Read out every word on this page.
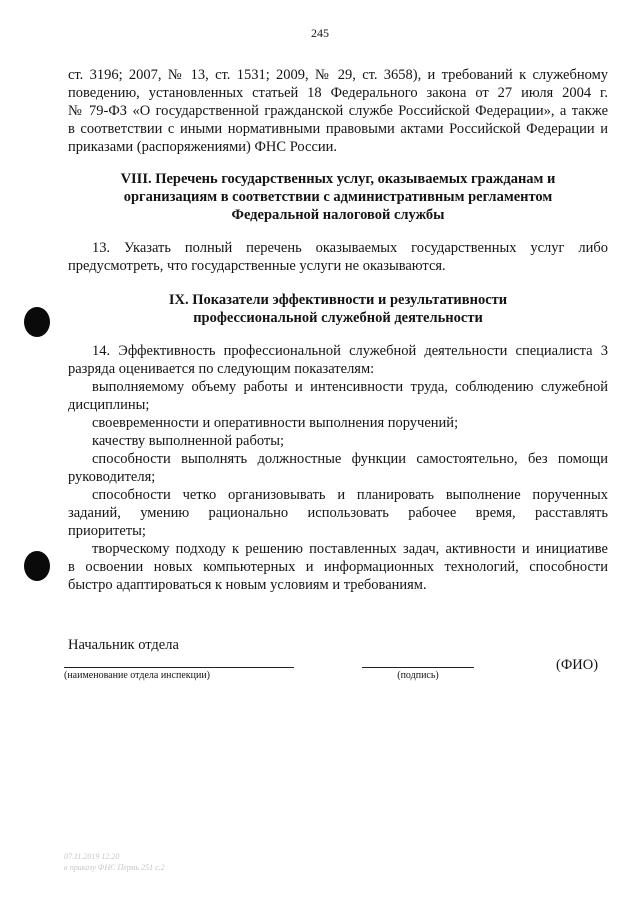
245
ст. 3196; 2007, № 13, ст. 1531; 2009, № 29, ст. 3658), и требований к служебному
поведению, установленных статьей 18 Федерального закона от 27 июля 2004 г.
№ 79-ФЗ «О государственной гражданской службе Российской Федерации», а также
в соответствии с иными нормативными правовыми актами Российской Федерации и
приказами (распоряжениями) ФНС России.
VIII. Перечень государственных услуг, оказываемых гражданам и
организациям в соответствии с административным регламентом
Федеральной налоговой службы
13. Указать полный перечень оказываемых государственных услуг либо
предусмотреть, что государственные услуги не оказываются.
IX. Показатели эффективности и результативности
профессиональной служебной деятельности
14. Эффективность профессиональной служебной деятельности специалиста 3
разряда оценивается по следующим показателям:
выполняемому объему работы и интенсивности труда, соблюдению служебной
дисциплины;
своевременности и оперативности выполнения поручений;
качеству выполненной работы;
способности выполнять должностные функции самостоятельно, без помощи
руководителя;
способности четко организовывать и планировать выполнение порученных
заданий, умению рационально использовать рабочее время, расставлять
приоритеты;
творческому подходу к решению поставленных задач, активности и инициативе
в освоении новых компьютерных и информационных технологий, способности
быстро адаптироваться к новым условиям и требованиям.
Начальник отдела
(наименование отдела инспекции)	(подпись)
(ФИО)
07.11.2019 12.20
к приказу ФНС Пермь 251 с.2
